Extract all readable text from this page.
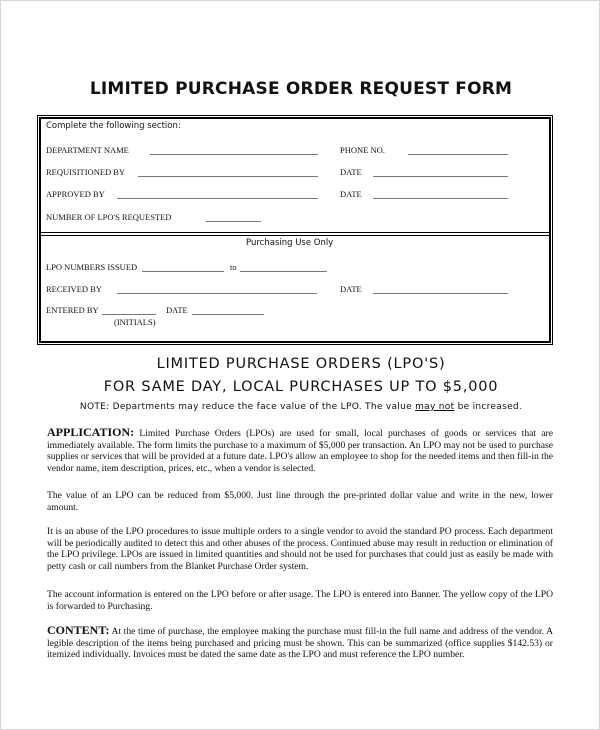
LIMITED PURCHASE ORDER REQUEST FORM
Complete the following section:
DEPARTMENT NAME	PHONE NO.
REQUISITIONED BY	DATE
APPROVED BY	DATE
NUMBER OF LPO'S REQUESTED
Purchasing Use Only
LPO NUMBERS ISSUED	to
RECEIVED BY	DATE
ENTERED BY	DATE
(INITIALS)
LIMITED PURCHASE ORDERS (LPO'S)
FOR SAME DAY, LOCAL PURCHASES UP TO $5,000
NOTE: Departments may reduce the face value of the LPO. The value may not be increased.
APPLICATION: Limited Purchase Orders (LPOs) are used for small, local purchases of goods or services that are immediately available. The form limits the purchase to a maximum of $5,000 per transaction. An LPO may not be used to purchase supplies or services that will be provided at a future date. LPO's allow an employee to shop for the needed items and then fill-in the vendor name, item description, prices, etc., when a vendor is selected.
The value of an LPO can be reduced from $5,000. Just line through the pre-printed dollar value and write in the new, lower amount.
It is an abuse of the LPO procedures to issue multiple orders to a single vendor to avoid the standard PO process. Each department will be periodically audited to detect this and other abuses of the process. Continued abuse may result in reduction or elimination of the LPO privilege. LPOs are issued in limited quantities and should not be used for purchases that could just as easily be made with petty cash or call numbers from the Blanket Purchase Order system.
The account information is entered on the LPO before or after usage. The LPO is entered into Banner. The yellow copy of the LPO is forwarded to Purchasing.
CONTENT: At the time of purchase, the employee making the purchase must fill-in the full name and address of the vendor. A legible description of the items being purchased and pricing must be shown. This can be summarized (office supplies $142.53) or itemized individually. Invoices must be dated the same date as the LPO and must reference the LPO number.
